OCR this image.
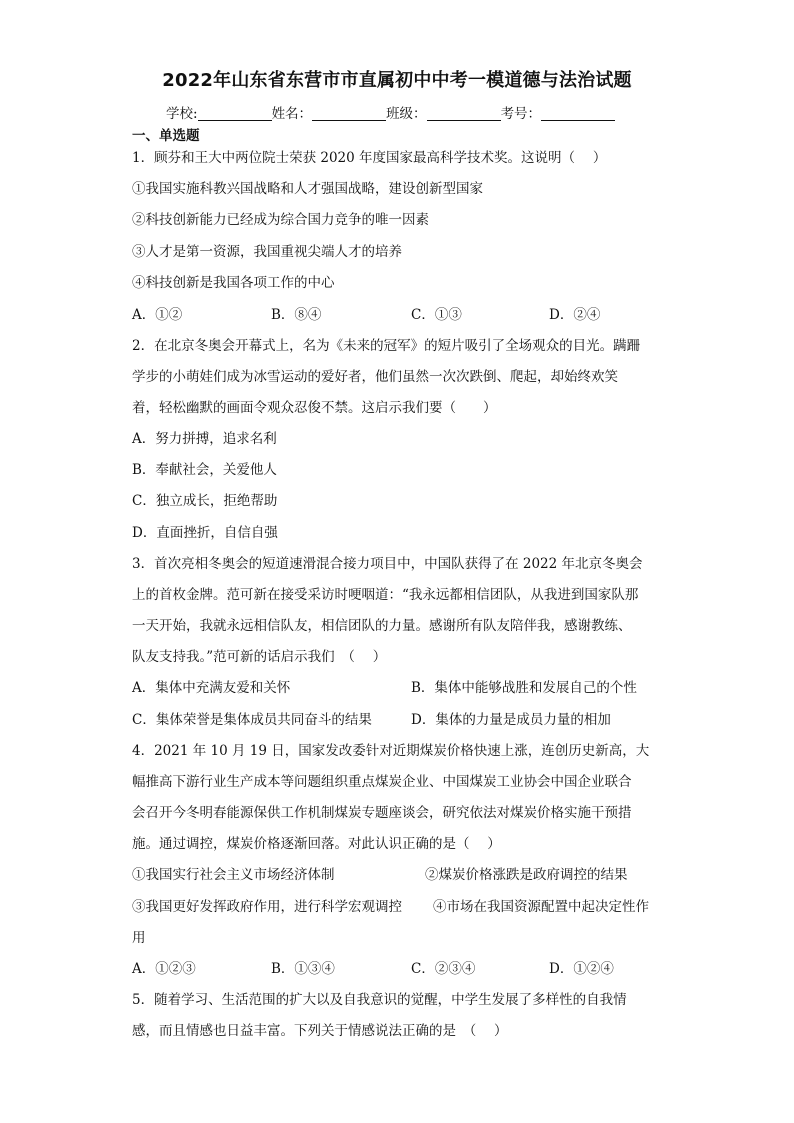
2022年山东省东营市市直属初中中考一模道德与法治试题
学校:	姓名：	班级：	考号：
一、单选题
1．顾芬和王大中两位院士荣获 2020 年度国家最高科学技术奖。这说明（　 ）
①我国实施科教兴国战略和人才强国战略，建设创新型国家
②科技创新能力已经成为综合国力竞争的唯一因素
③人才是第一资源，我国重视尖端人才的培养
④科技创新是我国各项工作的中心
A．①②	B．⑧④	C．①③	D．②④
2．在北京冬奥会开幕式上，名为《未来的冠军》的短片吸引了全场观众的目光。蹒跚
学步的小萌娃们成为冰雪运动的爱好者，他们虽然一次次跌倒、爬起，却始终欢笑
着，轻松幽默的画面令观众忍俊不禁。这启示我们要（　　）
A．努力拼搏，追求名利
B．奉献社会，关爱他人
C．独立成长，拒绝帮助
D．直面挫折，自信自强
3．首次亮相冬奥会的短道速滑混合接力项目中，中国队获得了在 2022 年北京冬奥会
上的首枚金牌。范可新在接受采访时哽咽道：“我永远都相信团队，从我进到国家队那
一天开始，我就永远相信队友，相信团队的力量。感谢所有队友陪伴我，感谢教练、
队友支持我。”范可新的话启示我们　（　 ）
A．集体中充满友爱和关怀	B．集体中能够战胜和发展自己的个性
C．集体荣誉是集体成员共同奋斗的结果	D．集体的力量是成员力量的相加
4．2021 年 10 月 19 日，国家发改委针对近期煤炭价格快速上涨，连创历史新高，大
幅推高下游行业生产成本等问题组织重点煤炭企业、中国煤炭工业协会中国企业联合
会召开今冬明春能源保供工作机制煤炭专题座谈会，研究依法对煤炭价格实施干预措
施。通过调控，煤炭价格逐渐回落。对此认识正确的是（　 ）
①我国实行社会主义市场经济体制	②煤炭价格涨跌是政府调控的结果
③我国更好发挥政府作用，进行科学宏观调控 ④市场在我国资源配置中起决定性作
用
A．①②③	B．①③④	C．②③④	D．①②④
5．随着学习、生活范围的扩大以及自我意识的觉醒，中学生发展了多样性的自我情
感，而且情感也日益丰富。下列关于情感说法正确的是　（　 ）
